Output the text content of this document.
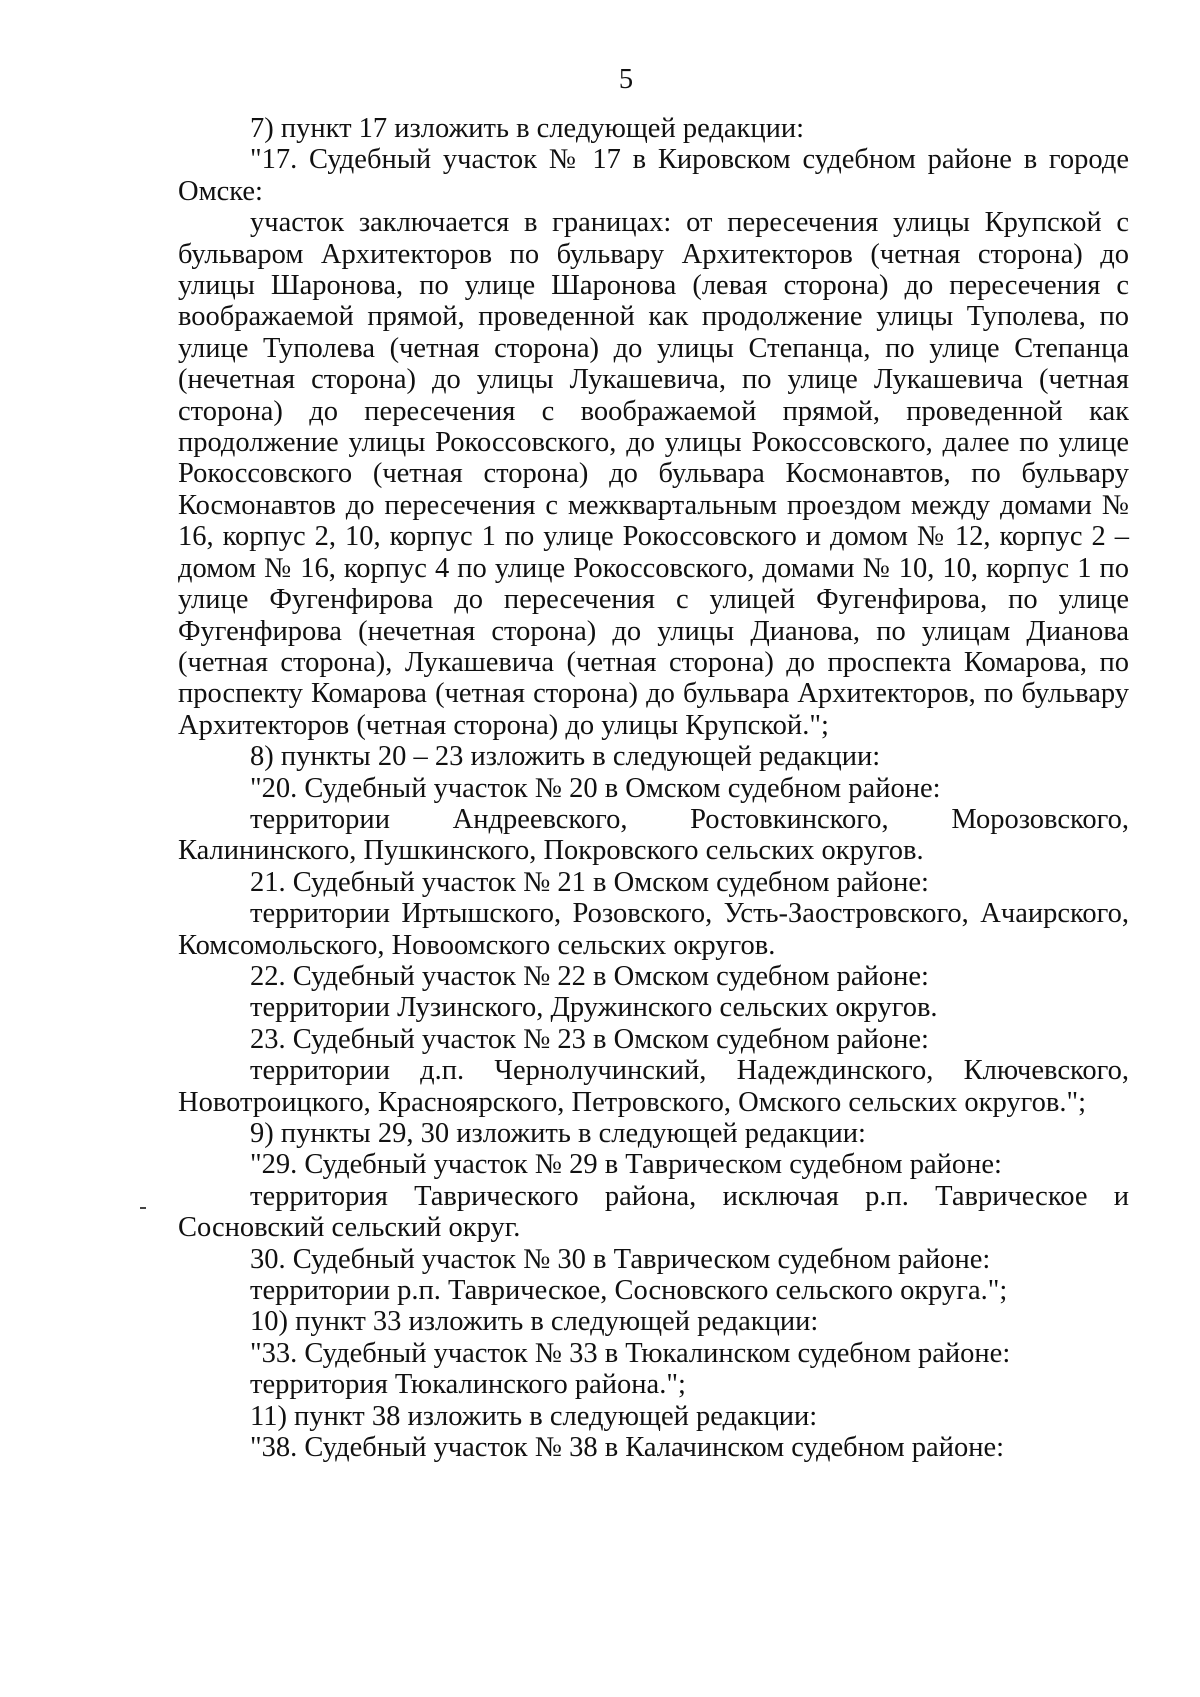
5

7) пункт 17 изложить в следующей редакции:

"17. Судебный участок № 17 в Кировском судебном районе в городе Омске:

участок заключается в границах: от пересечения улицы Крупской с бульваром Архитекторов по бульвару Архитекторов (четная сторона) до улицы Шаронова, по улице Шаронова (левая сторона) до пересечения с воображаемой прямой, проведенной как продолжение улицы Туполева, по улице Туполева (четная сторона) до улицы Степанца, по улице Степанца (нечетная сторона) до улицы Лукашевича, по улице Лукашевича (четная сторона) до пересечения с воображаемой прямой, проведенной как продолжение улицы Рокоссовского, до улицы Рокоссовского, далее по улице Рокоссовского (четная сторона) до бульвара Космонавтов, по бульвару Космонавтов до пересечения с межквартальным проездом между домами № 16, корпус 2, 10, корпус 1 по улице Рокоссовского и домом № 12, корпус 2 – домом № 16, корпус 4 по улице Рокоссовского, домами № 10, 10, корпус 1 по улице Фугенфирова до пересечения с улицей Фугенфирова, по улице Фугенфирова (нечетная сторона) до улицы Дианова, по улицам Дианова (четная сторона), Лукашевича (четная сторона) до проспекта Комарова, по проспекту Комарова (четная сторона) до бульвара Архитекторов, по бульвару Архитекторов (четная сторона) до улицы Крупской.";

8) пункты 20 – 23 изложить в следующей редакции:

"20. Судебный участок № 20 в Омском судебном районе:

территории Андреевского, Ростовкинского, Морозовского, Калининского, Пушкинского, Покровского сельских округов.

21. Судебный участок № 21 в Омском судебном районе:

территории Иртышского, Розовского, Усть-Заостровского, Ачаирского, Комсомольского, Новоомского сельских округов.

22. Судебный участок № 22 в Омском судебном районе:

территории Лузинского, Дружинского сельских округов.

23. Судебный участок № 23 в Омском судебном районе:

территории д.п. Чернолучинский, Надеждинского, Ключевского, Новотроицкого, Красноярского, Петровского, Омского сельских округов.";

9) пункты 29, 30 изложить в следующей редакции:

"29. Судебный участок № 29 в Таврическом судебном районе:

территория Таврического района, исключая р.п. Таврическое и Сосновский сельский округ.

30. Судебный участок № 30 в Таврическом судебном районе:

территории р.п. Таврическое, Сосновского сельского округа.";

10) пункт 33 изложить в следующей редакции:

"33. Судебный участок № 33 в Тюкалинском судебном районе:

территория Тюкалинского района.";

11) пункт 38 изложить в следующей редакции:

"38. Судебный участок № 38 в Калачинском судебном районе:
